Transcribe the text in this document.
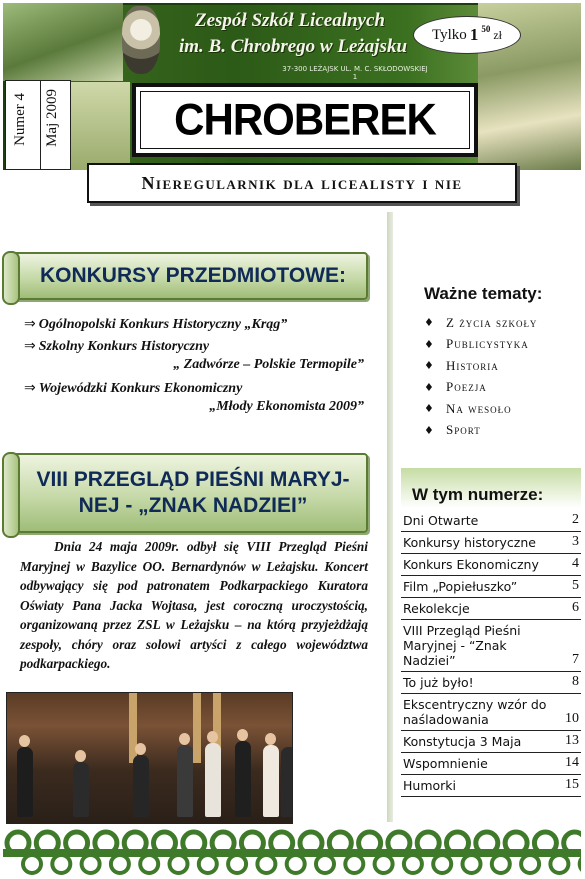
Zespół Szkół Licealnych
im. B. Chrobrego w Leżajsku
37-300 LEŻAJSK UL. M. C. SKŁODOWSKIEJ 1
Tylko 1 $^{50}$ zł
Numer 4 Maj 2009	CHROBEREK
Nieregularnik dla licealisty i nie
KONKURSY PRZEDMIOTOWE:
⇒ Ogólnopolski Konkurs Historyczny „Krąg”
⇒ Szkolny Konkurs Historyczny
„ Zadwórze – Polskie Termopile”
⇒ Wojewódzki Konkurs Ekonomiczny
„Młody Ekonomista 2009”
VIII PRZEGLĄD PIEŚNI MARYJ-NEJ - „ZNAK NADZIEI”

Dnia 24 maja 2009r. odbył się VIII Przegląd Pieśni Maryjnej w Bazylice OO. Bernardynów w Leżajsku. Koncert odbywający się pod patronatem Podkarpackiego Kuratora Oświaty Pana Jacka Wojtasa, jest coroczną uroczystością, organizowaną przez ZSL w Leżajsku – na którą przyjeżdżają zespoły, chóry oraz solowi artyści z całego województwa podkarpackiego.

Ważne tematy:
♦ Z życia szkoły
♦ Publicystyka
♦ Historia
♦ Poezja
♦ Na wesoło
♦ Sport
W tym numerze:
Dni Otwarte	2
Konkursy historyczne	3
Konkurs Ekonomiczny	4
Film „Popiełuszko”	5
Rekolekcje	6
VIII Przegląd Pieśni Maryjnej - “Znak Nadziei”	7
To już było!	8
Ekscentryczny wzór do naśladowania	10
Konstytucja 3 Maja	13
Wspomnienie	14
Humorki	15
